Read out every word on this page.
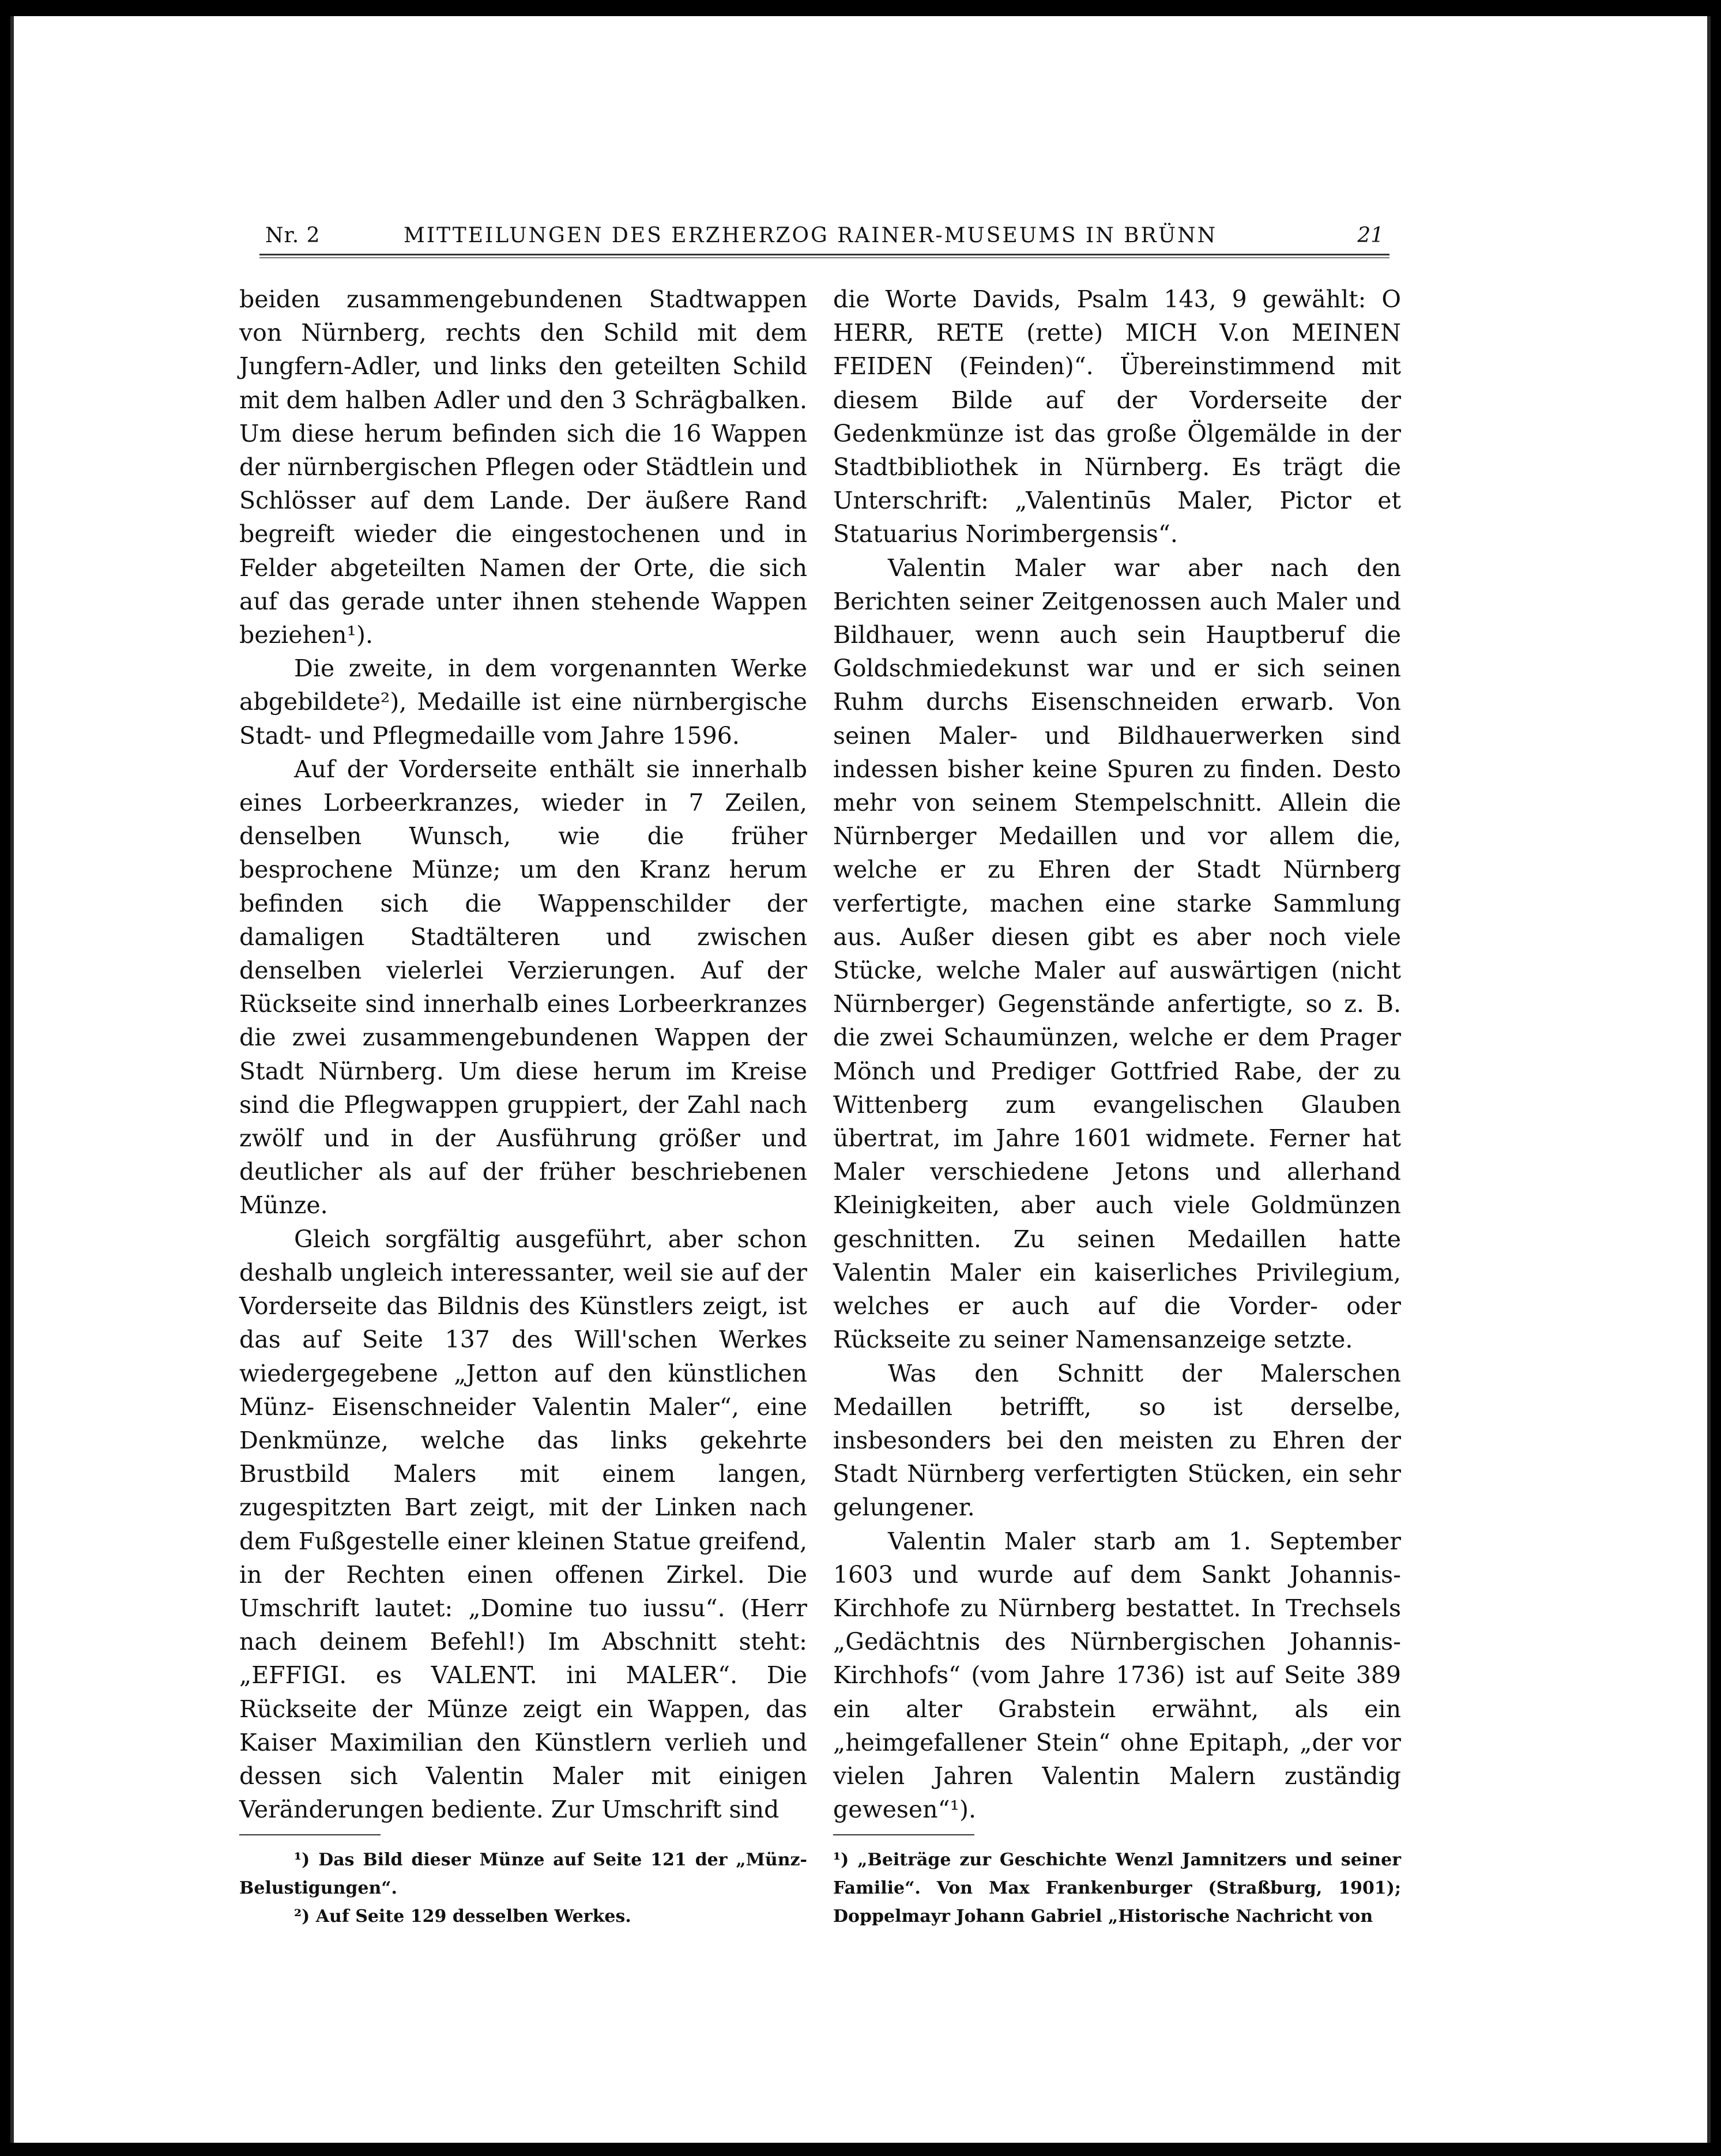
Nr. 2	MITTEILUNGEN DES ERZHERZOG RAINER-MUSEUMS IN BRÜNN	21

beiden zusammengebundenen Stadtwappen von Nürnberg, rechts den Schild mit dem Jungfern-Adler, und links den geteilten Schild mit dem halben Adler und den 3 Schrägbalken. Um diese herum befinden sich die 16 Wappen der nürnbergischen Pflegen oder Städtlein und Schlösser auf dem Lande. Der äußere Rand begreift wieder die eingestochenen und in Felder abgeteilten Namen der Orte, die sich auf das gerade unter ihnen stehende Wappen beziehen¹).

Die zweite, in dem vorgenannten Werke abgebildete²), Medaille ist eine nürnbergische Stadt- und Pflegmedaille vom Jahre 1596.

Auf der Vorderseite enthält sie innerhalb eines Lorbeerkranzes, wieder in 7 Zeilen, denselben Wunsch, wie die früher besprochene Münze; um den Kranz herum befinden sich die Wappenschilder der damaligen Stadtälteren und zwischen denselben vielerlei Verzierungen. Auf der Rückseite sind innerhalb eines Lorbeerkranzes die zwei zusammengebundenen Wappen der Stadt Nürnberg. Um diese herum im Kreise sind die Pflegwappen gruppiert, der Zahl nach zwölf und in der Ausführung größer und deutlicher als auf der früher beschriebenen Münze.

Gleich sorgfältig ausgeführt, aber schon deshalb ungleich interessanter, weil sie auf der Vorderseite das Bildnis des Künstlers zeigt, ist das auf Seite 137 des Will'schen Werkes wiedergegebene „Jetton auf den künstlichen Münz- Eisenschneider Valentin Maler“, eine Denkmünze, welche das links gekehrte Brustbild Malers mit einem langen, zugespitzten Bart zeigt, mit der Linken nach dem Fußgestelle einer kleinen Statue greifend, in der Rechten einen offenen Zirkel. Die Umschrift lautet: „Domine tuo iussu“. (Herr nach deinem Befehl!) Im Abschnitt steht: „EFFIGI. es VALENT. ini MALER“. Die Rückseite der Münze zeigt ein Wappen, das Kaiser Maximilian den Künstlern verlieh und dessen sich Valentin Maler mit einigen Veränderungen bediente. Zur Umschrift sind

¹) Das Bild dieser Münze auf Seite 121 der „Münz-Belustigungen“.

²) Auf Seite 129 desselben Werkes.

die Worte Davids, Psalm 143, 9 gewählt: O HERR, RETE (rette) MICH V.on MEINEN FEIDEN (Feinden)“. Übereinstimmend mit diesem Bilde auf der Vorderseite der Gedenkmünze ist das große Ölgemälde in der Stadtbibliothek in Nürnberg. Es trägt die Unterschrift: „Valentinūs Maler, Pictor et Statuarius Norimbergensis“.

Valentin Maler war aber nach den Berichten seiner Zeitgenossen auch Maler und Bildhauer, wenn auch sein Hauptberuf die Goldschmiedekunst war und er sich seinen Ruhm durchs Eisenschneiden erwarb. Von seinen Maler- und Bildhauerwerken sind indessen bisher keine Spuren zu finden. Desto mehr von seinem Stempelschnitt. Allein die Nürnberger Medaillen und vor allem die, welche er zu Ehren der Stadt Nürnberg verfertigte, machen eine starke Sammlung aus. Außer diesen gibt es aber noch viele Stücke, welche Maler auf auswärtigen (nicht Nürnberger) Gegenstände anfertigte, so z. B. die zwei Schaumünzen, welche er dem Prager Mönch und Prediger Gottfried Rabe, der zu Wittenberg zum evangelischen Glauben übertrat, im Jahre 1601 widmete. Ferner hat Maler verschiedene Jetons und allerhand Kleinigkeiten, aber auch viele Goldmünzen geschnitten. Zu seinen Medaillen hatte Valentin Maler ein kaiserliches Privilegium, welches er auch auf die Vorder- oder Rückseite zu seiner Namensanzeige setzte.

Was den Schnitt der Malerschen Medaillen betrifft, so ist derselbe, insbesonders bei den meisten zu Ehren der Stadt Nürnberg verfertigten Stücken, ein sehr gelungener.

Valentin Maler starb am 1. September 1603 und wurde auf dem Sankt Johannis-Kirchhofe zu Nürnberg bestattet. In Trechsels „Gedächtnis des Nürnbergischen Johannis-Kirchhofs“ (vom Jahre 1736) ist auf Seite 389 ein alter Grabstein erwähnt, als ein „heimgefallener Stein“ ohne Epitaph, „der vor vielen Jahren Valentin Malern zuständig gewesen“¹).

¹) „Beiträge zur Geschichte Wenzl Jamnitzers und seiner Familie“. Von Max Frankenburger (Straßburg, 1901); Doppelmayr Johann Gabriel „Historische Nachricht von
